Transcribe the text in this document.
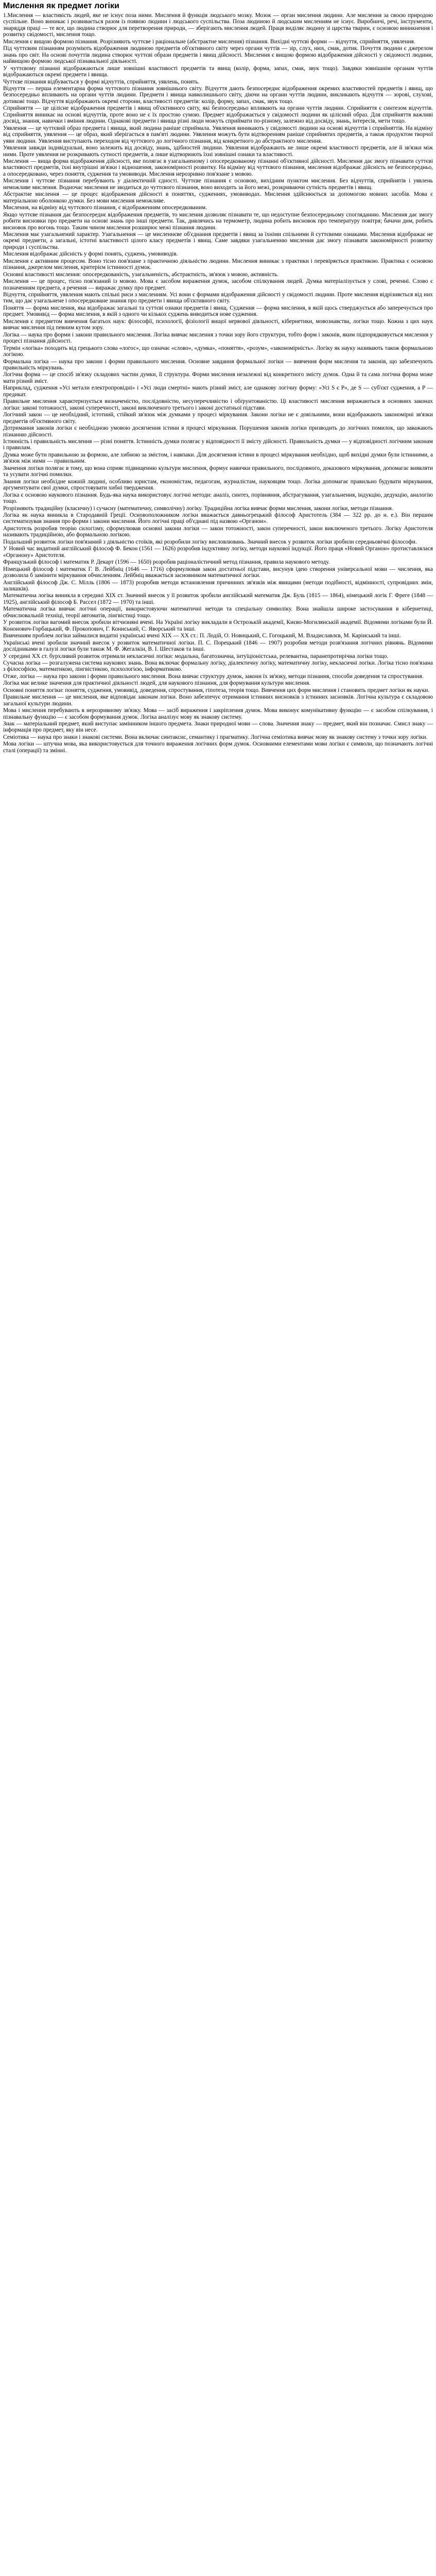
Мислення як предмет логіки

1.Мислення — властивість людей, яке не існує поза ними. Мислення й функція людського мозку. Мозок — орган мислення людини. Але мислення за своєю природою суспільне. Воно виникає і розвивається разом із появою людини і людського суспільства. Поза людиною й людським мисленням не існує. Виробничі, речі, інструменти, знаряддя праці — те все, що людина створює для перетворення природи, — зберігають мислення людей. Праця виділяє людину зі царства тварин, є основою виникнення і розвитку свідомості, мислення тощо.

Мислення є вищою формою пізнання. Розрізняють чуттєве і раціональне (абстрактне мислення) пізнання. Вихідні чуттєві форми — відчуття, сприйняття, уявлення.

Під чуттєвим пізнанням розуміють відображення людиною предметів об'єктивного світу через органи чуттів — зір, слух, нюх, смак, дотик. Почуття людини є джерелом знань про світ. На основі почуттів людина створює чуттєві образи предметів і явищ дійсності. Мислення є вищою формою відображення дійсності у свідомості людини, найвищою формою людської пізнавальної діяльності.

У чуттєвому пізнанні відображаються лише зовнішні властивості предметів та явищ (колір, форма, запах, смак, звук тощо). Завдяки зовнішнім органам чуттів відображаються окремі предмети і явища.

Чуттєве пізнання відбувається у формі відчуттів, сприйняття, уявлень, понять.

Відчуття — перша елементарна форма чуттєвого пізнання зовнішнього світу. Відчуття дають безпосереднє відображення окремих властивостей предметів і явищ, що безпосередньо впливають на органи чуттів людини. Предмети і явища навколишнього світу, діючи на органи чуттів людини, викликають відчуття — зорові, слухові, дотикові тощо. Відчуття відображають окремі сторони, властивості предметів: колір, форму, запах, смак, звук тощо.

Сприйняття — це цілісне відображення предметів і явищ об'єктивного світу, які безпосередньо впливають на органи чуттів людини. Сприйняття є синтезом відчуттів. Сприйняття виникає на основі відчуттів, проте воно не є їх простою сумою. Предмет відображається у свідомості людини як цілісний образ. Для сприйняття важливі досвід, знання, навички і вміння людини. Однакові предмети і явища різні люди можуть сприймати по-різному, залежно від досвіду, знань, інтересів, мети тощо.

Уявлення — це чуттєвий образ предмета і явища, який людина раніше сприймала. Уявлення виникають у свідомості людини на основі відчуттів і сприйняттів. На відміну від сприйняття, уявлення — це образ, який зберігається в пам'яті людини. Уявлення можуть бути відтворенням раніше сприйнятих предметів, а також продуктом творчої уяви людини. Уявлення виступають переходом від чуттєвого до логічного пізнання, від конкретного до абстрактного мислення.

Уявлення завжди індивідуальні, воно залежить від досвіду, знань, здібностей людини. Уявлення відображають не лише окремі властивості предметів, але й зв'язки між ними. Проте уявлення не розкривають сутності предметів, а лише відтворюють їхні зовнішні ознаки та властивості.

Мислення — вища форма відображення дійсності, яке полягає в узагальненому і опосередкованому пізнанні об'єктивної дійсності. Мислення дає змогу пізнавати суттєві властивості предметів, їхні внутрішні зв'язки і відношення, закономірності розвитку. На відміну від чуттєвого пізнання, мислення відображає дійсність не безпосередньо, а опосередковано, через поняття, судження та умовиводи. Мислення нерозривно пов'язане з мовою.

Мислення і чуттєве пізнання перебувають у діалектичній єдності. Чуттєве пізнання є основою, вихідним пунктом мислення. Без відчуттів, сприйнятів і уявлень неможливе мислення. Водночас мислення не зводиться до чуттєвого пізнання, воно виходить за його межі, розкриваючи сутність предметів і явищ.

Абстрактне мислення — це процес відображення дійсності в поняттях, судженнях, умовиводах. Мислення здійснюється за допомогою мовних засобів. Мова є матеріальною оболонкою думки. Без мови мислення неможливе.

Мислення, на відміну від чуттєвого пізнання, є відображенням опосередкованим.

Якщо чуттєве пізнання дає безпосереднє відображення предметів, то мислення дозволяє пізнавати те, що недоступне безпосередньому спогляданню. Мислення дає змогу робити висновки про предмети на основі знань про інші предмети. Так, дивлячись на термометр, людина робить висновок про температуру повітря; бачачи дим, робить висновок про вогонь тощо. Таким чином мислення розширює межі пізнання людини.

Мислення має узагальнений характер. Узагальнення — це мисленнєве об'єднання предметів і явищ за їхніми спільними й суттєвими ознаками. Мислення відображає не окремі предмети, а загальні, істотні властивості цілого класу предметів і явищ. Саме завдяки узагальненню мислення дає змогу пізнавати закономірності розвитку природи і суспільства.

Мислення відображає дійсність у формі понять, суджень, умовиводів.

Мислення є активним процесом. Воно тісно пов'язане з практичною діяльністю людини. Мислення виникає з практики і перевіряється практикою. Практика є основою пізнання, джерелом мислення, критерієм істинності думок.

Основні властивості мислення: опосередкованість, узагальненість, абстрактність, зв'язок з мовою, активність.

Мислення — це процес, тісно пов'язаний із мовою. Мова є засобом вираження думок, засобом спілкування людей. Думка матеріалізується у слові, реченні. Слово є позначенням предмета, а речення — виражає думку про предмет.

Відчуття, сприйняття, уявлення мають спільні риси з мисленням. Усі вони є формами відображення дійсності у свідомості людини. Проте мислення відрізняється від них тим, що дає узагальнене і опосередковане знання про предмети і явища об'єктивного світу.

Поняття — форма мислення, яка відображає загальні та суттєві ознаки предметів і явищ. Судження — форма мислення, в якій щось стверджується або заперечується про предмет. Умовивід — форма мислення, в якій з одного чи кількох суджень виводиться нове судження.

Мислення є предметом вивчення багатьох наук: філософії, психології, фізіології вищої нервової діяльності, кібернетики, мовознавства, логіки тощо. Кожна з цих наук вивчає мислення під певним кутом зору.

Логіка — наука про форми і закони правильного мислення. Логіка вивчає мислення з точки зору його структури, тобто форм і законів, яким підпорядковується мислення у процесі пізнання дійсності.

Термін «логіка» походить від грецького слова «логос», що означає «слово», «думка», «поняття», «розум», «закономірність». Логіку як науку називають також формальною логікою.

Формальна логіка — наука про закони і форми правильного мислення. Основне завдання формальної логіки — вивчення форм мислення та законів, що забезпечують правильність міркувань.

Логічна форма — це спосіб зв'язку складових частин думки, її структура. Форми мислення незалежні від конкретного змісту думок. Одна й та сама логічна форма може мати різний зміст.

Наприклад, судження «Усі метали електропровідні» і «Усі люди смертні» мають різний зміст, але однакову логічну форму: «Усі S є P», де S — суб'єкт судження, а P — предикат.

Правильне мислення характеризується визначеністю, послідовністю, несуперечливістю і обґрунтованістю. Ці властивості мислення виражаються в основних законах логіки: законі тотожності, законі суперечності, законі виключеного третього і законі достатньої підстави.

Логічний закон — це необхідний, істотний, стійкий зв'язок між думками у процесі міркування. Закони логіки не є довільними, вони відображають закономірні зв'язки предметів об'єктивного світу.

Дотримання законів логіки є необхідною умовою досягнення істини в процесі міркування. Порушення законів логіки призводить до логічних помилок, що заважають пізнанню дійсності.

Істинність і правильність мислення — різні поняття. Істинність думки полягає у відповідності її змісту дійсності. Правильність думки — у відповідності логічним законам і правилам.

Думка може бути правильною за формою, але хибною за змістом, і навпаки. Для досягнення істини в процесі міркування необхідно, щоб вихідні думки були істинними, а зв'язок між ними — правильним.

Значення логіки полягає в тому, що вона сприяє підвищенню культури мислення, формує навички правильного, послідовного, доказового міркування, допомагає виявляти та усувати логічні помилки.

Знання логіки необхідне кожній людині, особливо юристам, економістам, педагогам, журналістам, науковцям тощо. Логіка допомагає правильно будувати міркування, аргументувати свої думки, спростовувати хибні твердження.

Логіка є основою наукового пізнання. Будь-яка наука використовує логічні методи: аналіз, синтез, порівняння, абстрагування, узагальнення, індукцію, дедукцію, аналогію тощо.

Розрізняють традиційну (класичну) і сучасну (математичну, символічну) логіку. Традиційна логіка вивчає форми мислення, закони логіки, методи пізнання.

Логіка як наука виникла в Стародавній Греції. Основоположником логіки вважається давньогрецький філософ Аристотель (384 — 322 рр. до н. е.). Він першим систематизував знання про форми і закони мислення. Його логічні праці об'єднані під назвою «Органон».

Аристотель розробив теорію силогізму, сформулював основні закони логіки — закон тотожності, закон суперечності, закон виключеного третього. Логіку Аристотеля називають традиційною, або формальною логікою.

Подальший розвиток логіки пов'язаний з діяльністю стоїків, які розробили логіку висловлювань. Значний внесок у розвиток логіки зробили середньовічні філософи.

У Новий час видатний англійський філософ Ф. Бекон (1561 — 1626) розробив індуктивну логіку, методи наукової індукції. Його праця «Новий Органон» протиставлялася «Органону» Аристотеля.

Французький філософ і математик Р. Декарт (1596 — 1650) розробив раціоналістичний метод пізнання, правила наукового методу.

Німецький філософ і математик Г. В. Лейбніц (1646 — 1716) сформулював закон достатньої підстави, висунув ідею створення універсальної мови — числення, яка дозволила б замінити міркування обчисленням. Лейбніц вважається засновником математичної логіки.

Англійський філософ Дж. С. Мілль (1806 — 1873) розробив методи встановлення причинних зв'язків між явищами (методи подібності, відмінності, супровідних змін, залишків).

Математична логіка виникла в середині XIX ст. Значний внесок у її розвиток зробили англійський математик Дж. Буль (1815 — 1864), німецький логік Г. Фреге (1848 — 1925), англійський філософ Б. Рассел (1872 — 1970) та інші.

Математична логіка вивчає логічні операції, використовуючи математичні методи та спеціальну символіку. Вона знайшла широке застосування в кібернетиці, обчислювальній техніці, теорії автоматів, лінгвістиці тощо.

У розвиток логіки вагомий внесок зробили вітчизняні вчені. На Україні логіку викладали в Острозькій академії, Києво-Могилянській академії. Відомими логіками були Й. Кононович-Горбацький, Ф. Прокопович, Г. Кониський, С. Яворський та інші.

Вивченням проблем логіки займалися видатні українські вчені XIX — XX ст.: П. Лодій, О. Новицький, С. Гогоцький, М. Владиславлєв, М. Карінський та інші.

Українські вчені зробили значний внесок у розвиток математичної логіки. П. С. Порецький (1846 — 1907) розробив методи розв'язання логічних рівнянь. Відомими дослідниками в галузі логіки були також М. Ф. Жегалкін, В. І. Шестаков та інші.

У середині XX ст. бурхливий розвиток отримали некласичні логіки: модальна, багатозначна, інтуїціоністська, релевантна, паранепротирічна логіки тощо.

Сучасна логіка — розгалужена система наукових знань. Вона включає формальну логіку, діалектичну логіку, математичну логіку, некласичні логіки. Логіка тісно пов'язана з філософією, математикою, лінгвістикою, психологією, інформатикою.

Отже, логіка — наука про закони і форми правильного мислення. Вона вивчає структуру думок, закони їх зв'язку, методи пізнання, способи доведення та спростування.

Логіка має велике значення для практичної діяльності людей, для наукового пізнання, для формування культури мислення.

Основні поняття логіки: поняття, судження, умовивід, доведення, спростування, гіпотеза, теорія тощо. Вивчення цих форм мислення і становить предмет логіки як науки.

Правильне мислення — це мислення, яке відповідає законам логіки. Воно забезпечує отримання істинних висновків з істинних засновків. Логічна культура є складовою загальної культури людини.

Мова і мислення перебувають в нерозривному зв'язку. Мова — засіб вираження і закріплення думок. Мова виконує комунікативну функцію — є засобом спілкування, і пізнавальну функцію — є засобом формування думок. Логіка аналізує мову як знакову систему.

Знак — матеріальний предмет, який виступає замінником іншого предмета. Знаки природної мови — слова. Значення знаку — предмет, який він позначає. Смисл знаку — інформація про предмет, яку він несе.

Семіотика — наука про знаки і знакові системи. Вона включає синтаксис, семантику і прагматику. Логічна семіотика вивчає мову як знакову систему з точки зору логіки.

Мова логіки — штучна мова, яка використовується для точного вираження логічних форм думок. Основними елементами мови логіки є символи, що позначають логічні сталі (операції) та змінні.
